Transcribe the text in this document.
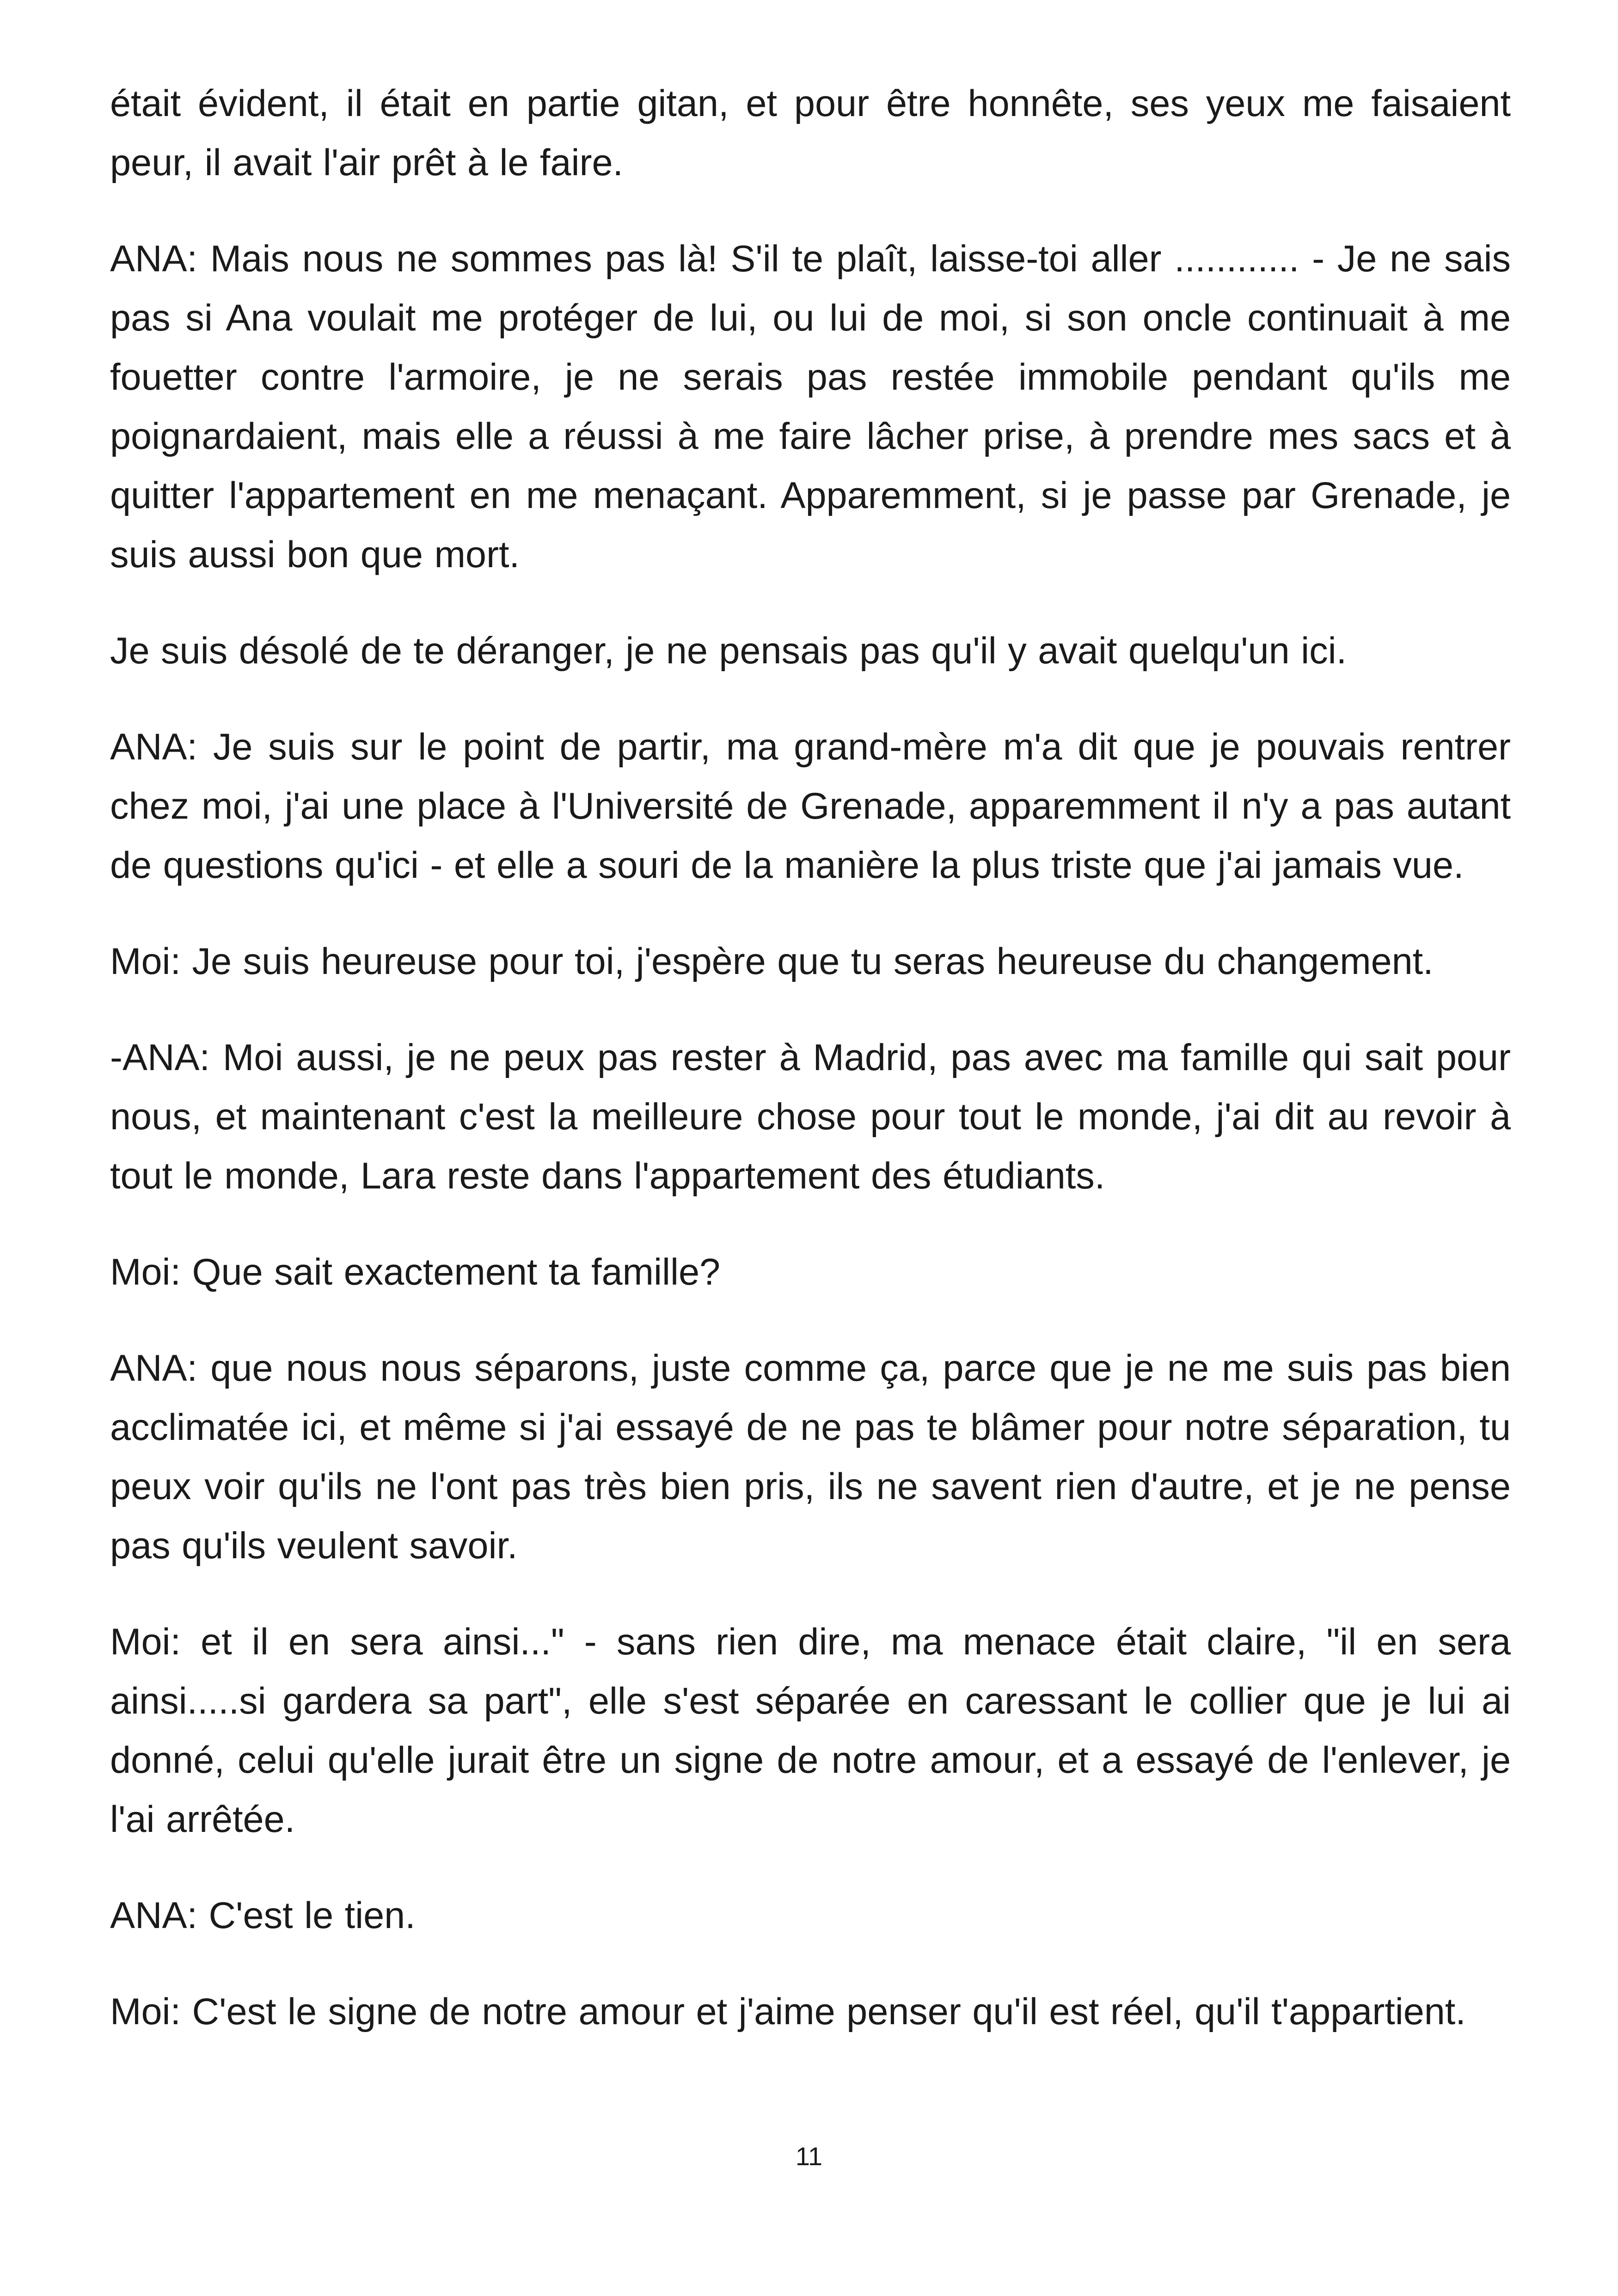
était évident, il était en partie gitan, et pour être honnête, ses yeux me faisaient peur, il avait l'air prêt à le faire.

ANA: Mais nous ne sommes pas là! S'il te plaît, laisse-toi aller ............ - Je ne sais pas si Ana voulait me protéger de lui, ou lui de moi, si son oncle continuait à me fouetter contre l'armoire, je ne serais pas restée immobile pendant qu'ils me poignardaient, mais elle a réussi à me faire lâcher prise, à prendre mes sacs et à quitter l'appartement en me menaçant. Apparemment, si je passe par Grenade, je suis aussi bon que mort.

Je suis désolé de te déranger, je ne pensais pas qu'il y avait quelqu'un ici.

ANA: Je suis sur le point de partir, ma grand-mère m'a dit que je pouvais rentrer chez moi, j'ai une place à l'Université de Grenade, apparemment il n'y a pas autant de questions qu'ici - et elle a souri de la manière la plus triste que j'ai jamais vue.

Moi: Je suis heureuse pour toi, j'espère que tu seras heureuse du changement.

-ANA: Moi aussi, je ne peux pas rester à Madrid, pas avec ma famille qui sait pour nous, et maintenant c'est la meilleure chose pour tout le monde, j'ai dit au revoir à tout le monde, Lara reste dans l'appartement des étudiants.

Moi: Que sait exactement ta famille?

ANA: que nous nous séparons, juste comme ça, parce que je ne me suis pas bien acclimatée ici, et même si j'ai essayé de ne pas te blâmer pour notre séparation, tu peux voir qu'ils ne l'ont pas très bien pris, ils ne savent rien d'autre, et je ne pense pas qu'ils veulent savoir.

Moi: et il en sera ainsi..." - sans rien dire, ma menace était claire, "il en sera ainsi.....si gardera sa part", elle s'est séparée en caressant le collier que je lui ai donné, celui qu'elle jurait être un signe de notre amour, et a essayé de l'enlever, je l'ai arrêtée.

ANA: C'est le tien.

Moi: C'est le signe de notre amour et j'aime penser qu'il est réel, qu'il t'appartient.

11
